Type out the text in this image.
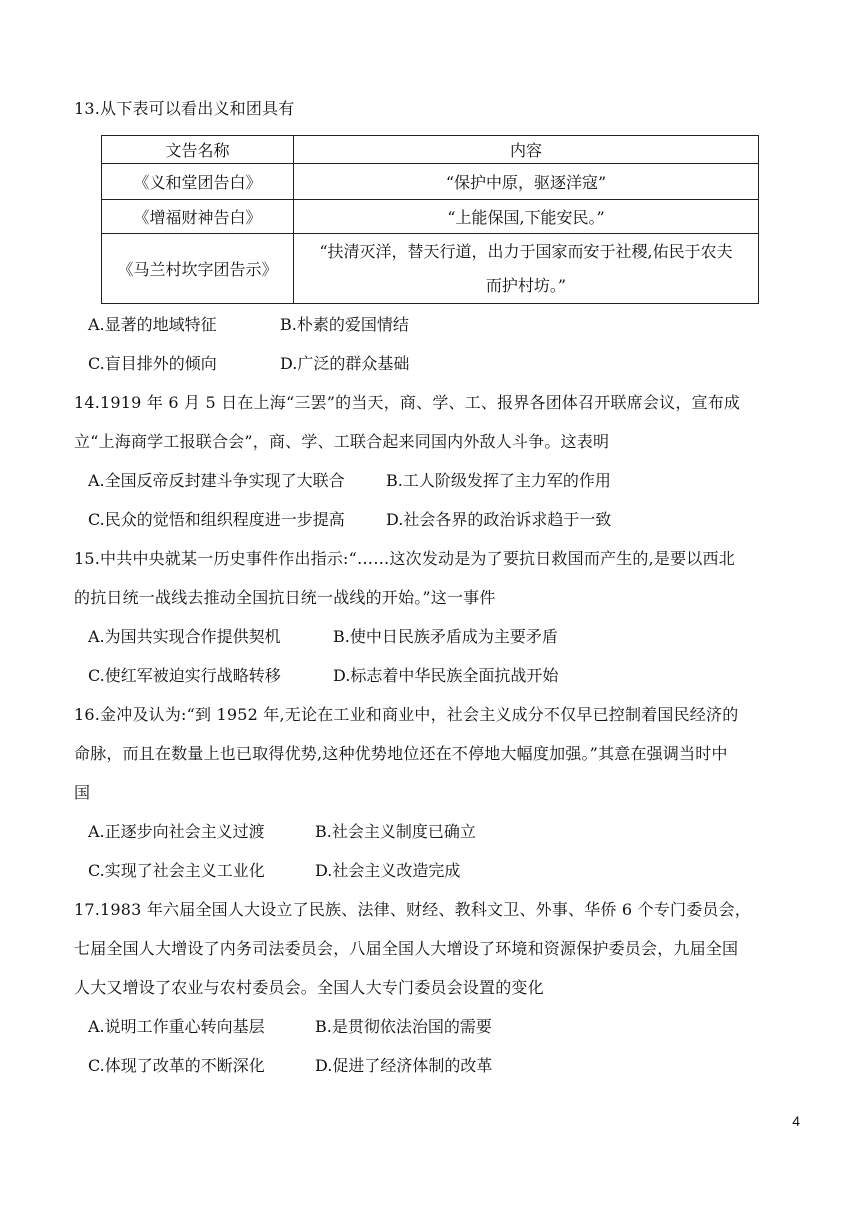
13.从下表可以看出义和团具有
文告名称	内容
《义和堂团告白》	“保护中原，驱逐洋寇”
《增福财神告白》	“上能保国,下能安民。”
《马兰村坎字团告示》	“扶清灭洋，替天行道，出力于国家而安于社稷,佑民于农夫
而护村坊。”
A.显著的地域特征	B.朴素的爱国情结
C.盲目排外的倾向	D.广泛的群众基础
14.1919 年 6 月 5 日在上海“三罢”的当天，商、学、工、报界各团体召开联席会议，宣布成
立“上海商学工报联合会”，商、学、工联合起来同国内外敌人斗争。这表明
A.全国反帝反封建斗争实现了大联合	B.工人阶级发挥了主力军的作用
C.民众的觉悟和组织程度进一步提高	D.社会各界的政治诉求趋于一致
15.中共中央就某一历史事件作出指示:“……这次发动是为了要抗日救国而产生的,是要以西北
的抗日统一战线去推动全国抗日统一战线的开始。”这一事件
A.为国共实现合作提供契机	B.使中日民族矛盾成为主要矛盾
C.使红军被迫实行战略转移	D.标志着中华民族全面抗战开始
16.金冲及认为:“到 1952 年,无论在工业和商业中，社会主义成分不仅早已控制着国民经济的
命脉，而且在数量上也已取得优势,这种优势地位还在不停地大幅度加强。”其意在强调当时中
国
A.正逐步向社会主义过渡	B.社会主义制度已确立
C.实现了社会主义工业化	D.社会主义改造完成
17.1983 年六届全国人大设立了民族、法律、财经、教科文卫、外事、华侨 6 个专门委员会，
七届全国人大增设了内务司法委员会，八届全国人大增设了环境和资源保护委员会，九届全国
人大又增设了农业与农村委员会。全国人大专门委员会设置的变化
A.说明工作重心转向基层	B.是贯彻依法治国的需要
C.体现了改革的不断深化	D.促进了经济体制的改革
4
